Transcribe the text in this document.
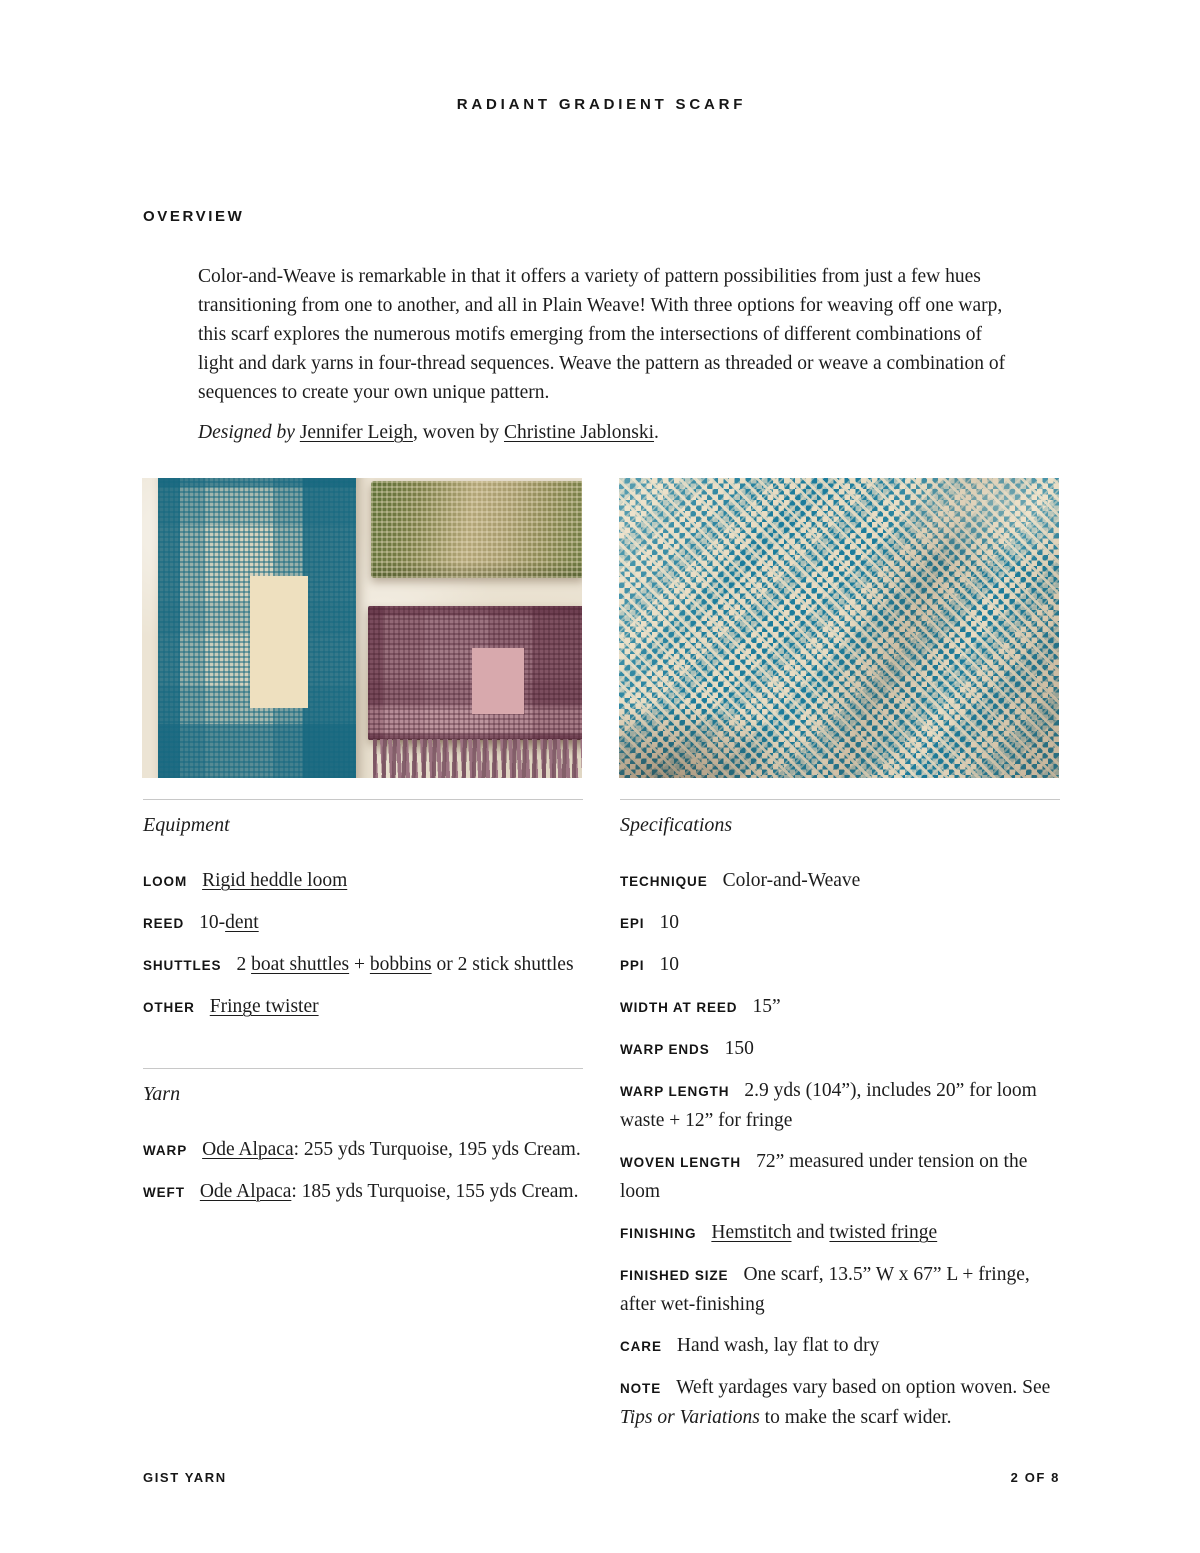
RADIANT GRADIENT SCARF
OVERVIEW

Color-and-Weave is remarkable in that it offers a variety of pattern possibilities from just a few hues transitioning from one to another, and all in Plain Weave! With three options for weaving off one warp, this scarf explores the numerous motifs emerging from the intersections of different combinations of light and dark yarns in four-thread sequences. Weave the pattern as threaded or weave a combination of sequences to create your own unique pattern.

Designed by Jennifer Leigh, woven by Christine Jablonski.

Equipment

LOOM Rigid heddle loom

REED 10-dent

SHUTTLES 2 boat shuttles + bobbins or 2 stick shuttles

OTHER Fringe twister

Yarn

WARP Ode Alpaca: 255 yds Turquoise, 195 yds Cream.

WEFT Ode Alpaca: 185 yds Turquoise, 155 yds Cream.

Specifications

TECHNIQUE Color-and-Weave

EPI 10

PPI 10

WIDTH AT REED 15”

WARP ENDS 150

WARP LENGTH 2.9 yds (104”), includes 20” for loom waste + 12” for fringe

WOVEN LENGTH 72” measured under tension on the loom

FINISHING Hemstitch and twisted fringe

FINISHED SIZE One scarf, 13.5” W x 67” L + fringe, after wet-finishing

CARE Hand wash, lay flat to dry

NOTE Weft yardages vary based on option woven. See Tips or Variations to make the scarf wider.

GIST YARN	2 OF 8
